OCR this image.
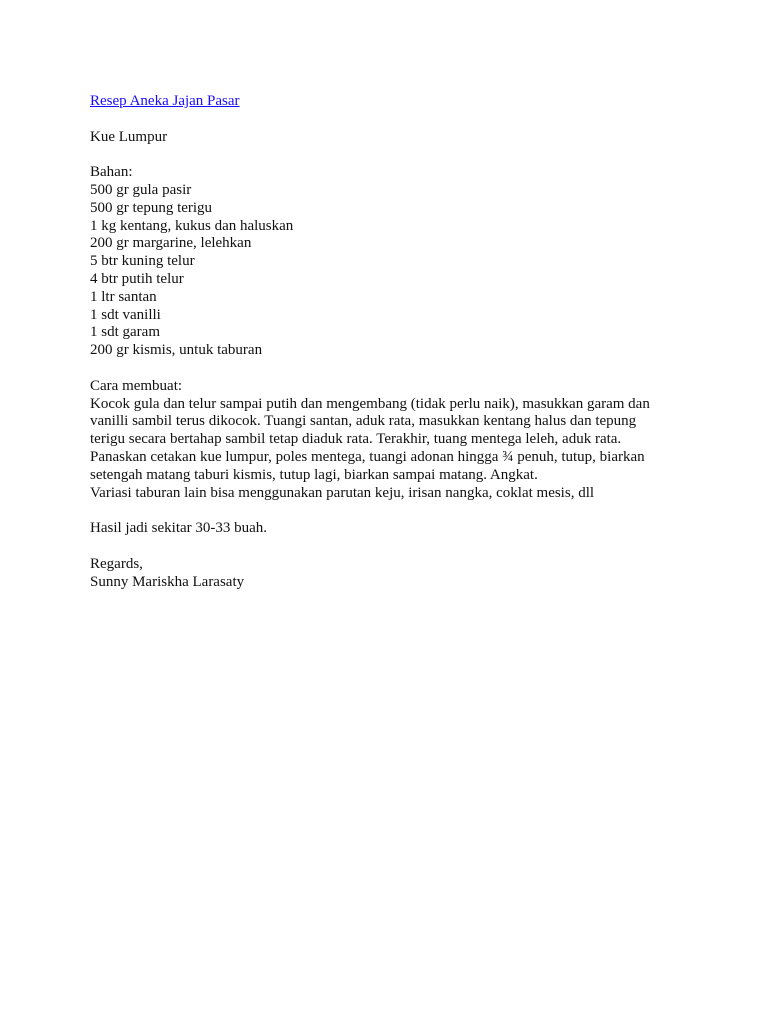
Resep Aneka Jajan Pasar
Kue Lumpur
Bahan:
500 gr gula pasir
500 gr tepung terigu
1 kg kentang, kukus dan haluskan
200 gr margarine, lelehkan
5 btr kuning telur
4 btr putih telur
1 ltr santan
1 sdt vanilli
1 sdt garam
200 gr kismis, untuk taburan
Cara membuat:
Kocok gula dan telur sampai putih dan mengembang (tidak perlu naik), masukkan garam dan
vanilli sambil terus dikocok. Tuangi santan, aduk rata, masukkan kentang halus dan tepung
terigu secara bertahap sambil tetap diaduk rata. Terakhir, tuang mentega leleh, aduk rata.
Panaskan cetakan kue lumpur, poles mentega, tuangi adonan hingga ¾ penuh, tutup, biarkan
setengah matang taburi kismis, tutup lagi, biarkan sampai matang. Angkat.
Variasi taburan lain bisa menggunakan parutan keju, irisan nangka, coklat mesis, dll
Hasil jadi sekitar 30-33 buah.
Regards,
Sunny Mariskha Larasaty
